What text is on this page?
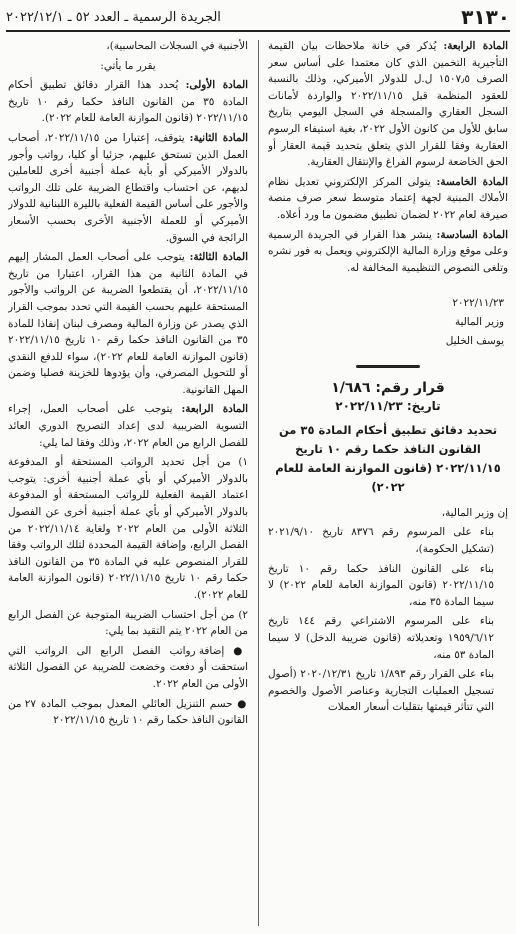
٣١٣٠
الجريدة الرسمية ـ العدد ٥٢ ـ ٢٠٢٢/١٢/١

المادة الرابعة: يُذكر في خانة ملاحظات بيان القيمة التأجيرية التخمين الذي كان معتمدا على أساس سعر الصرف ١٥٠٧٫٥ ل.ل للدولار الأميركي، وذلك بالنسبة للعقود المنظمة قبل ٢٠٢٢/١١/١٥ والواردة لأمانات السجل العقاري والمسجلة في السجل اليومي بتاريخ سابق للأول من كانون الأول ٢٠٢٢، بغية استيفاء الرسوم العقارية وفقا للقرار الذي يتعلق بتحديد قيمة العقار أو الحق الخاضعة لرسوم الفراغ والإنتقال العقارية.

المادة الخامسة: يتولى المركز الإلكتروني تعديل نظام الأملاك المبنية لجهة إعتماد متوسط سعر صرف منصة صيرفة لعام ٢٠٢٢ لضمان تطبيق مضمون ما ورد أعلاه.

المادة السادسة: ينشر هذا القرار في الجريدة الرسمية وعلى موقع وزارة المالية الإلكتروني ويعمل به فور نشره وتلغى النصوص التنظيمية المخالفة له.

٢٠٢٢/١١/٢٣

وزير المالية

يوسف الخليل

قرار رقم: ١/٦٨٦

تاريخ: ٢٠٢٢/١١/٢٣

تحديد دقائق تطبيق أحكام المادة ٣٥ من القانون النافذ حكما رقم ١٠ تاريخ ٢٠٢٢/١١/١٥ (قانون الموازنة العامة للعام ٢٠٢٢)

إن وزير المالية،

بناء على المرسوم رقم ٨٣٧٦ تاريخ ٢٠٢١/٩/١٠ (تشكيل الحكومة)،

بناء على القانون النافذ حكما رقم ١٠ تاريخ ٢٠٢٢/١١/١٥ (قانون الموازنة العامة للعام ٢٠٢٢) لا سيما المادة ٣٥ منه،

بناء على المرسوم الاشتراعي رقم ١٤٤ تاريخ ١٩٥٩/٦/١٢ وتعديلاته (قانون ضريبة الدخل) لا سيما المادة ٥٣ منه،

بناء على القرار رقم ١/٨٩٣ تاريخ ٢٠٢٠/١٢/٣١ (أصول تسجيل العمليات التجارية وعناصر الأصول والخصوم التي تتأثر قيمتها بتقلبات أسعار العملات

الأجنبية في السجلات المحاسبية)،

يقرر ما يأتي:

المادة الأولى: يُحدد هذا القرار دقائق تطبيق أحكام المادة ٣٥ من القانون النافذ حكما رقم ١٠ تاريخ ٢٠٢٢/١١/١٥ (قانون الموازنة العامة للعام ٢٠٢٢).

المادة الثانية: يتوقف، إعتبارا من ٢٠٢٢/١١/١٥، أصحاب العمل الذين تستحق عليهم، جزئيا أو كليا، رواتب وأجور بالدولار الأميركي أو بأية عملة أجنبية أخرى للعاملين لديهم، عن احتساب واقتطاع الضريبة على تلك الرواتب والأجور على أساس القيمة الفعلية بالليرة اللبنانية للدولار الأميركي أو للعملة الأجنبية الأخرى بحسب الأسعار الرائجة في السوق.

المادة الثالثة: يتوجب على أصحاب العمل المشار إليهم في المادة الثانية من هذا القرار، اعتبارا من تاريخ ٢٠٢٢/١١/١٥، أن يقتطعوا الضريبة عن الرواتب والأجور المستحقة عليهم بحسب القيمة التي تحدد بموجب القرار الذي يصدر عن وزارة المالية ومصرف لبنان إنفاذا للمادة ٣٥ من القانون النافذ حكما رقم ١٠ تاريخ ٢٠٢٢/١١/١٥ (قانون الموازنة العامة للعام ٢٠٢٢)، سواء للدفع النقدي أو للتحويل المصرفي، وأن يؤدوها للخزينة فصليا وضمن المهل القانونية.

المادة الرابعة: يتوجب على أصحاب العمل، إجراء التسوية الضريبية لدى إعداد التصريح الدوري العائد للفصل الرابع من العام ٢٠٢٢، وذلك وفقا لما يلي:

١) من أجل تحديد الرواتب المستحقة أو المدفوعة بالدولار الأميركي أو بأي عملة أجنبية أخرى: يتوجب اعتماد القيمة الفعلية للرواتب المستحقة أو المدفوعة بالدولار الأميركي أو بأي عملة أجنبية أخرى عن الفصول الثلاثة الأولى من العام ٢٠٢٢ ولغاية ٢٠٢٢/١١/١٤ من الفصل الرابع، وإضافة القيمة المحددة لتلك الرواتب وفقا للقرار المنصوص عليه في المادة ٣٥ من القانون النافذ حكما رقم ١٠ تاريخ ٢٠٢٢/١١/١٥ (قانون الموازنة العامة للعام ٢٠٢٢).

٢) من أجل احتساب الضريبة المتوجبة عن الفصل الرابع من العام ٢٠٢٢ يتم التقيد بما يلي:

● إضافة رواتب الفصل الرابع الى الرواتب التي استحقت أو دفعت وخضعت للضريبة عن الفصول الثلاثة الأولى من العام ٢٠٢٢.

● حسم التنزيل العائلي المعدل بموجب المادة ٢٧ من القانون النافذ حكما رقم ١٠ تاريخ ٢٠٢٢/١١/١٥
